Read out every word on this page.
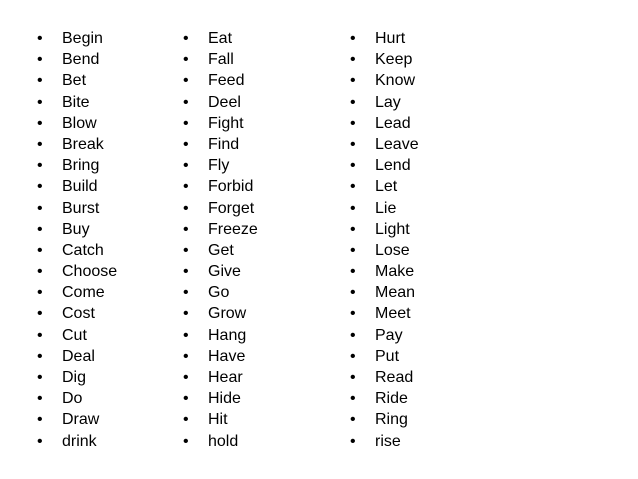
• Begin
• Bend
• Bet
• Bite
• Blow
• Break
• Bring
• Build
• Burst
• Buy
• Catch
• Choose
• Come
• Cost
• Cut
• Deal
• Dig
• Do
• Draw
• drink
• Eat
• Fall
• Feed
• Deel
• Fight
• Find
• Fly
• Forbid
• Forget
• Freeze
• Get
• Give
• Go
• Grow
• Hang
• Have
• Hear
• Hide
• Hit
• hold
• Hurt
• Keep
• Know
• Lay
• Lead
• Leave
• Lend
• Let
• Lie
• Light
• Lose
• Make
• Mean
• Meet
• Pay
• Put
• Read
• Ride
• Ring
• rise
